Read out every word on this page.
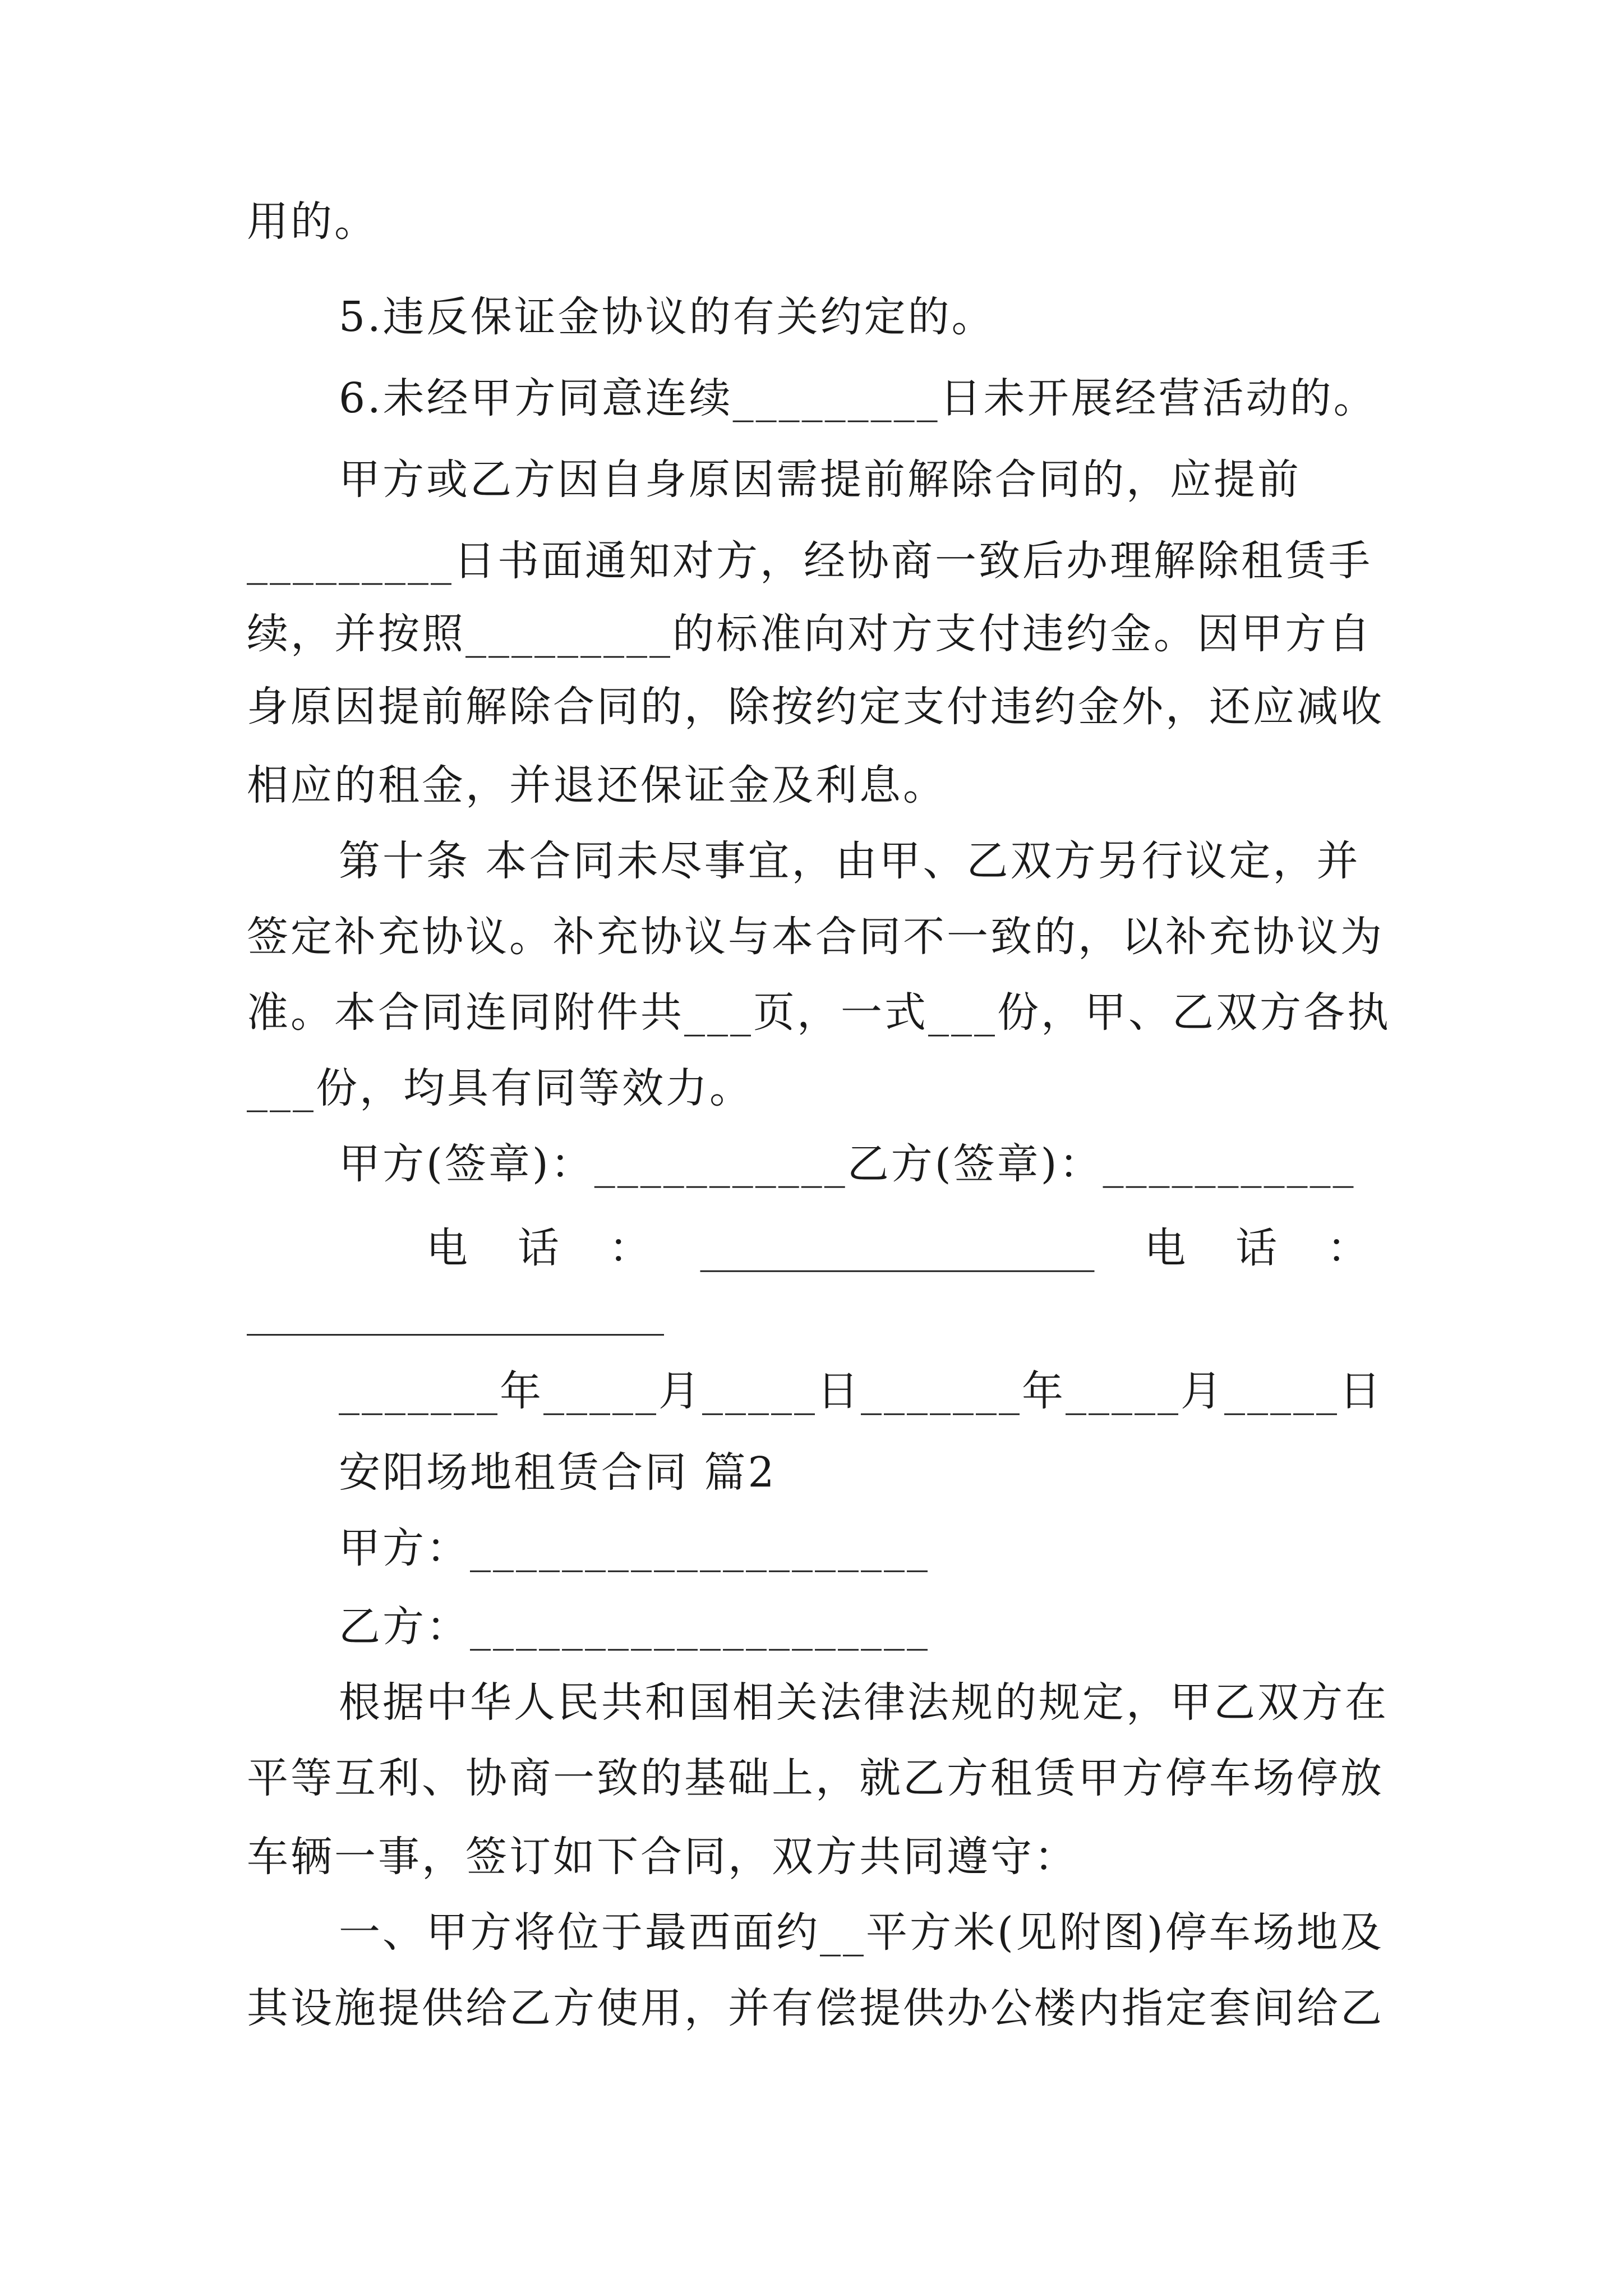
用的。
5.违反保证金协议的有关约定的。
6.未经甲方同意连续_________日未开展经营活动的。
甲方或乙方因自身原因需提前解除合同的，应提前
_________日书面通知对方，经协商一致后办理解除租赁手
续，并按照_________的标准向对方支付违约金。因甲方自
身原因提前解除合同的，除按约定支付违约金外，还应减收
相应的租金，并退还保证金及利息。
第十条 本合同未尽事宜，由甲、乙双方另行议定，并
签定补充协议。补充协议与本合同不一致的，以补充协议为
准。本合同连同附件共___页，一式___份，甲、乙双方各执
___份，均具有同等效力。
甲方(签章)：___________乙方(签章)：___________
电 话 ： ___________________ 电 话 ：
_______年_____月_____日_______年_____月_____日
安阳场地租赁合同 篇2
甲方：____________________
乙方：____________________
根据中华人民共和国相关法律法规的规定，甲乙双方在
平等互利、协商一致的基础上，就乙方租赁甲方停车场停放
车辆一事，签订如下合同，双方共同遵守：
一、甲方将位于最西面约__平方米(见附图)停车场地及
其设施提供给乙方使用，并有偿提供办公楼内指定套间给乙
